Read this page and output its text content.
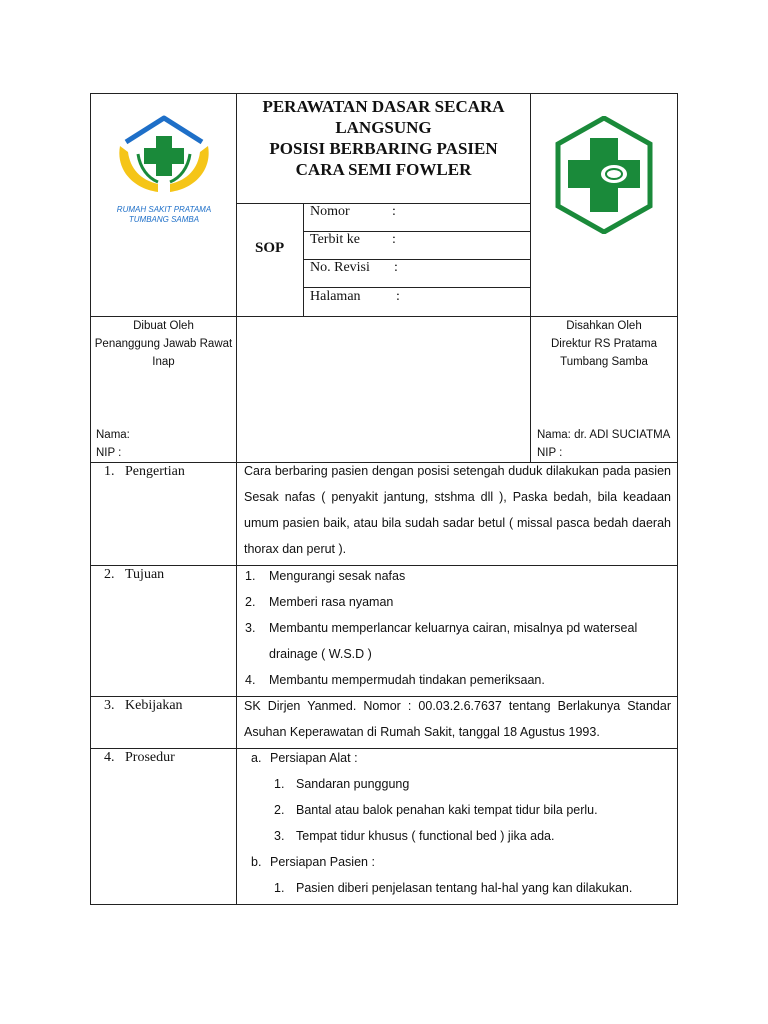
RUMAH SAKIT PRATAMA
TUMBANG SAMBA
PERAWATAN DASAR SECARA
LANGSUNG
POSISI BERBARING PASIEN
CARA SEMI FOWLER
SOP
Nomor	:
Terbit ke :
No. Revisi :
Halaman	:
Dibuat Oleh
Penanggung Jawab Rawat
Inap
Nama:
NIP :
Disahkan Oleh
Direktur RS Pratama
Tumbang Samba
Nama: dr. ADI SUCIATMA
NIP :
1. Pengertian	Cara berbaring pasien dengan posisi setengah duduk dilakukan pada pasien
Sesak nafas ( penyakit jantung, stshma dll ), Paska bedah, bila keadaan
umum pasien baik, atau bila sudah sadar betul ( missal pasca bedah daerah
thorax dan perut ).
2. Tujuan	1. Mengurangi sesak nafas
2. Memberi rasa nyaman
3. Membantu memperlancar keluarnya cairan, misalnya pd waterseal
drainage ( W.S.D )
4. Membantu mempermudah tindakan pemeriksaan.
3. Kebijakan	SK Dirjen Yanmed. Nomor : 00.03.2.6.7637 tentang Berlakunya Standar
Asuhan Keperawatan di Rumah Sakit, tanggal 18 Agustus 1993.
4. Prosedur	a. Persiapan Alat :
1. Sandaran punggung
2. Bantal atau balok penahan kaki tempat tidur bila perlu.
3. Tempat tidur khusus ( functional bed ) jika ada.
b. Persiapan Pasien :
1. Pasien diberi penjelasan tentang hal-hal yang kan dilakukan.
